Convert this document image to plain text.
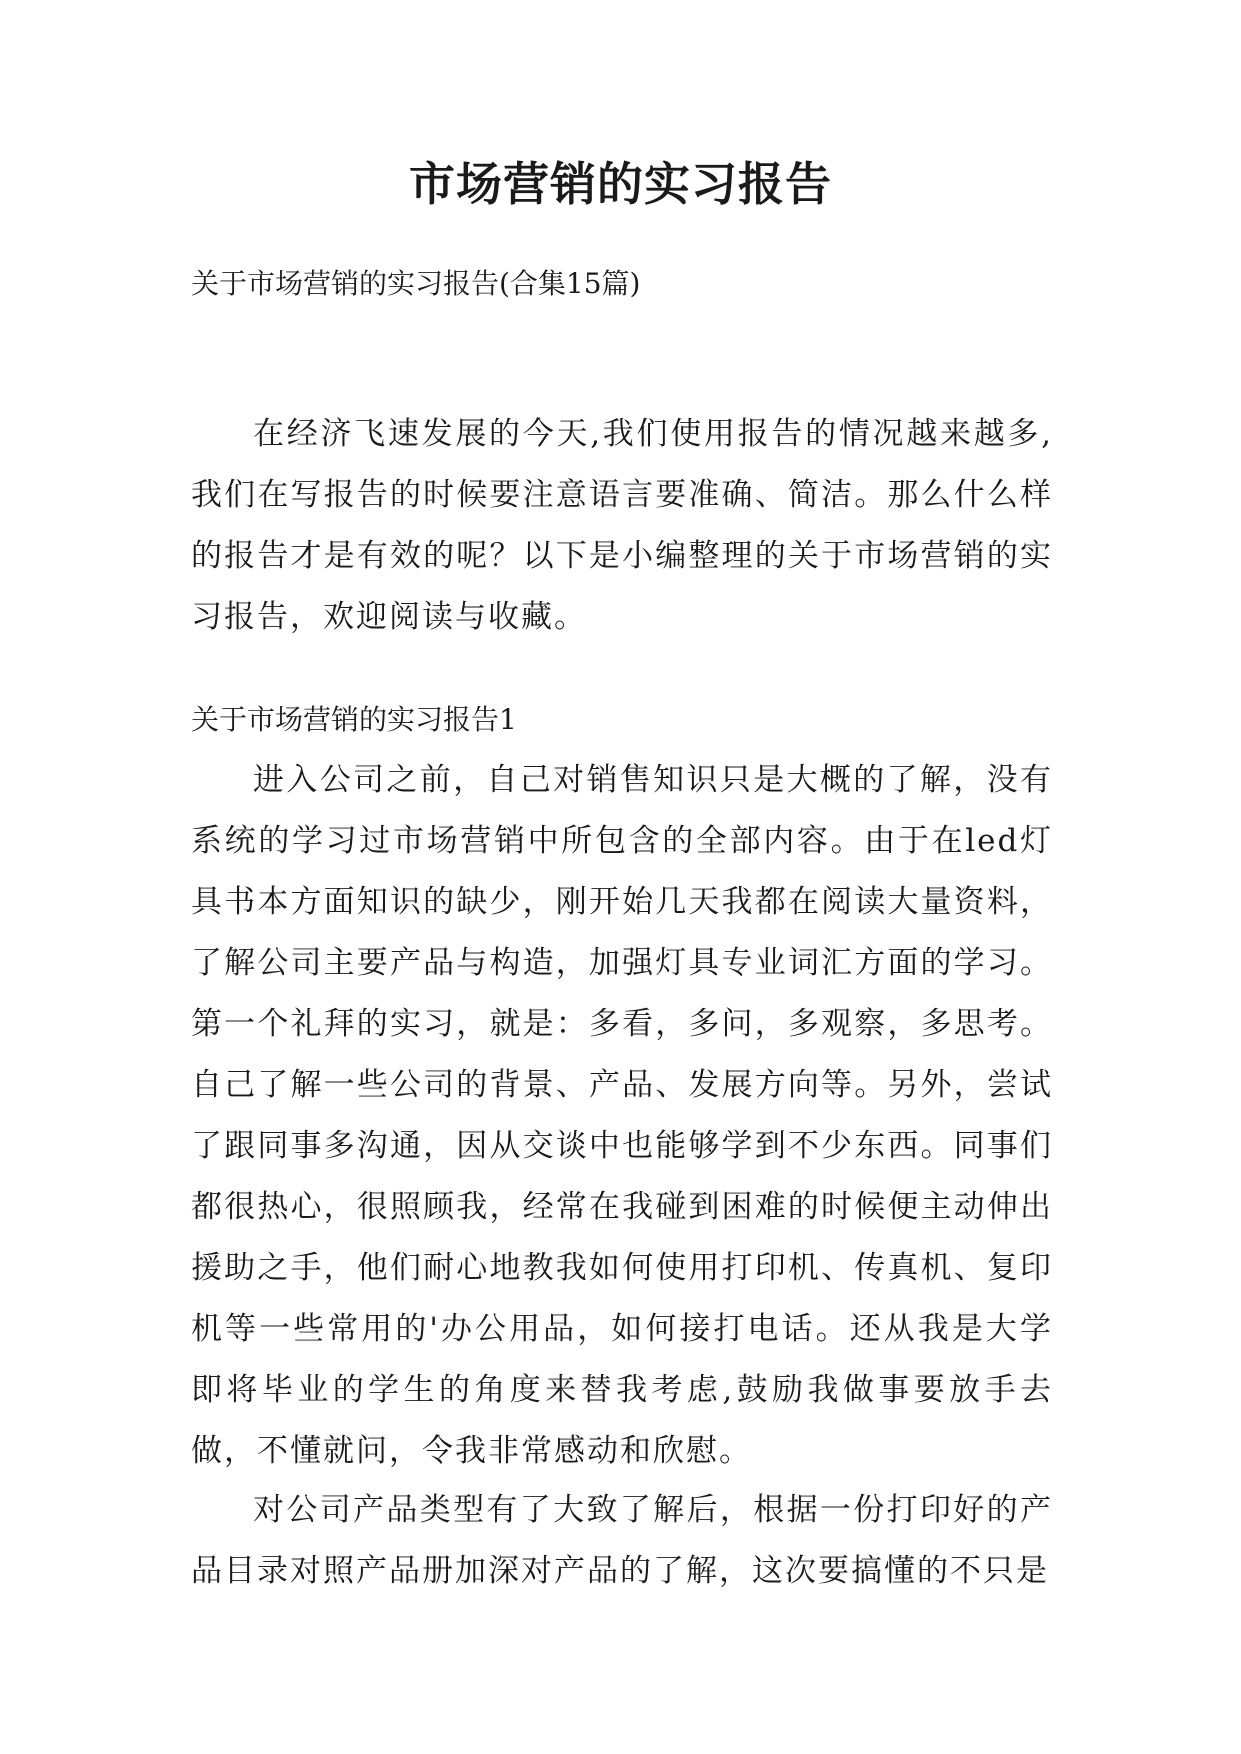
市场营销的实习报告

关于市场营销的实习报告(合集15篇)

在经济飞速发展的今天,我们使用报告的情况越来越多,我们在写报告的时候要注意语言要准确、简洁。那么什么样的报告才是有效的呢？以下是小编整理的关于市场营销的实习报告，欢迎阅读与收藏。

关于市场营销的实习报告1

进入公司之前，自己对销售知识只是大概的了解，没有系统的学习过市场营销中所包含的全部内容。由于在led灯具书本方面知识的缺少，刚开始几天我都在阅读大量资料，了解公司主要产品与构造，加强灯具专业词汇方面的学习。第一个礼拜的实习，就是：多看，多问，多观察，多思考。自己了解一些公司的背景、产品、发展方向等。另外，尝试了跟同事多沟通，因从交谈中也能够学到不少东西。同事们都很热心，很照顾我，经常在我碰到困难的时候便主动伸出援助之手，他们耐心地教我如何使用打印机、传真机、复印机等一些常用的'办公用品，如何接打电话。还从我是大学即将毕业的学生的角度来替我考虑,鼓励我做事要放手去做，不懂就问，令我非常感动和欣慰。

对公司产品类型有了大致了解后，根据一份打印好的产品目录对照产品册加深对产品的了解，这次要搞懂的不只是
